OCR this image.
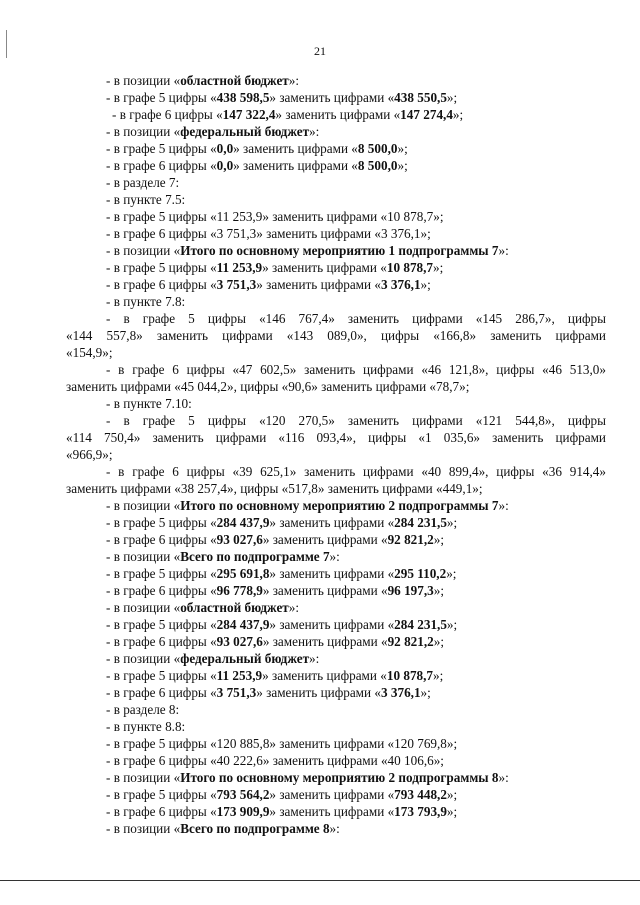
21
- в позиции «областной бюджет»:
- в графе 5 цифры «438 598,5» заменить цифрами «438 550,5»;
- в графе 6 цифры «147 322,4» заменить цифрами «147 274,4»;
- в позиции «федеральный бюджет»:
- в графе 5 цифры «0,0» заменить цифрами «8 500,0»;
- в графе 6 цифры «0,0» заменить цифрами «8 500,0»;
- в разделе 7:
- в пункте 7.5:
- в графе 5 цифры «11 253,9» заменить цифрами «10 878,7»;
- в графе 6 цифры «3 751,3» заменить цифрами «3 376,1»;
- в позиции «Итого по основному мероприятию 1 подпрограммы 7»:
- в графе 5 цифры «11 253,9» заменить цифрами «10 878,7»;
- в графе 6 цифры «3 751,3» заменить цифрами «3 376,1»;
- в пункте 7.8:
- в графе 5 цифры «146 767,4» заменить цифрами «145 286,7», цифры
«144 557,8» заменить цифрами «143 089,0», цифры «166,8» заменить цифрами
«154,9»;
- в графе 6 цифры «47 602,5» заменить цифрами «46 121,8», цифры «46 513,0»
заменить цифрами «45 044,2», цифры «90,6» заменить цифрами «78,7»;
- в пункте 7.10:
- в графе 5 цифры «120 270,5» заменить цифрами «121 544,8», цифры
«114 750,4» заменить цифрами «116 093,4», цифры «1 035,6» заменить цифрами
«966,9»;
- в графе 6 цифры «39 625,1» заменить цифрами «40 899,4», цифры «36 914,4»
заменить цифрами «38 257,4», цифры «517,8» заменить цифрами «449,1»;
- в позиции «Итого по основному мероприятию 2 подпрограммы 7»:
- в графе 5 цифры «284 437,9» заменить цифрами «284 231,5»;
- в графе 6 цифры «93 027,6» заменить цифрами «92 821,2»;
- в позиции «Всего по подпрограмме 7»:
- в графе 5 цифры «295 691,8» заменить цифрами «295 110,2»;
- в графе 6 цифры «96 778,9» заменить цифрами «96 197,3»;
- в позиции «областной бюджет»:
- в графе 5 цифры «284 437,9» заменить цифрами «284 231,5»;
- в графе 6 цифры «93 027,6» заменить цифрами «92 821,2»;
- в позиции «федеральный бюджет»:
- в графе 5 цифры «11 253,9» заменить цифрами «10 878,7»;
- в графе 6 цифры «3 751,3» заменить цифрами «3 376,1»;
- в разделе 8:
- в пункте 8.8:
- в графе 5 цифры «120 885,8» заменить цифрами «120 769,8»;
- в графе 6 цифры «40 222,6» заменить цифрами «40 106,6»;
- в позиции «Итого по основному мероприятию 2 подпрограммы 8»:
- в графе 5 цифры «793 564,2» заменить цифрами «793 448,2»;
- в графе 6 цифры «173 909,9» заменить цифрами «173 793,9»;
- в позиции «Всего по подпрограмме 8»:
